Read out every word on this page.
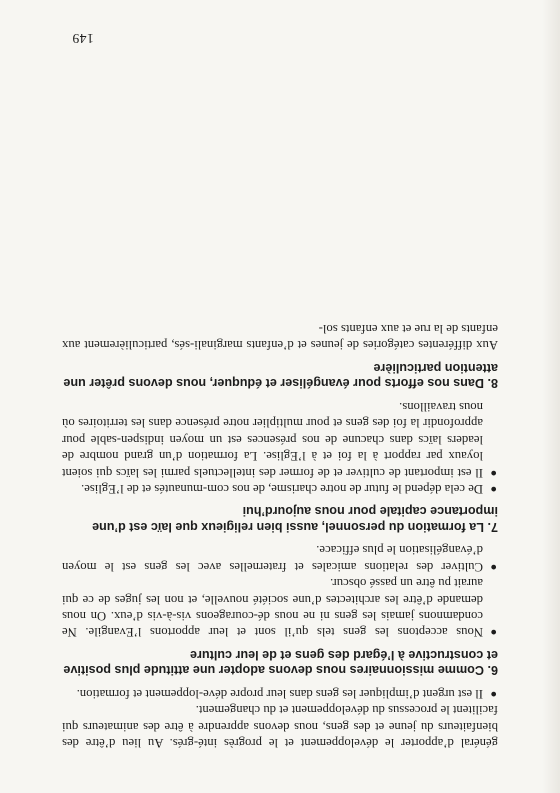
général d’apporter le développement et le progrès inté-grés. Au lieu d’être des bienfaiteurs du jeune et des gens, nous devons apprendre à être des animateurs qui facilitent le processus du développement et du changement.

●
Il est urgent d’impliquer les gens dans leur propre déve-loppement et formation.
6. Comme missionnaires nous devons adopter une attitude plus positive et constructive à l’égard des gens et de leur culture
●
Nous acceptons les gens tels qu’il sont et leur apportons l’Evangile. Ne condamnons jamais les gens ni ne nous dé-courageons vis-à-vis d’eux. On nous demande d’être les architectes d’une société nouvelle, et non les juges de ce qui aurait pu être un passé obscur.
●
Cultiver des relations amicales et fraternelles avec les gens est le moyen d’évangélisation le plus efficace.
7. La formation du personnel, aussi bien religieux que laïc est d’une importance capitale pour nous aujourd’hui
●
De cela dépend le futur de notre charisme, de nos com-munautés et de l’Eglise.
●
Il est important de cultiver et de former des intellectuels parmi les laïcs qui soient loyaux par rapport à la foi et à l’Eglise. La formation d’un grand nombre de leaders laïcs dans chacune de nos présences est un moyen indispen-sable pour approfondir la foi des gens et pour multiplier notre présence dans les territoires où nous travaillons.
8. Dans nos efforts pour évangéliser et éduquer, nous devons prêter une attention particulière

Aux différentes catégories de jeunes et d’enfants marginali-sés, particulièrement aux enfants de la rue et aux enfants sol-

149
